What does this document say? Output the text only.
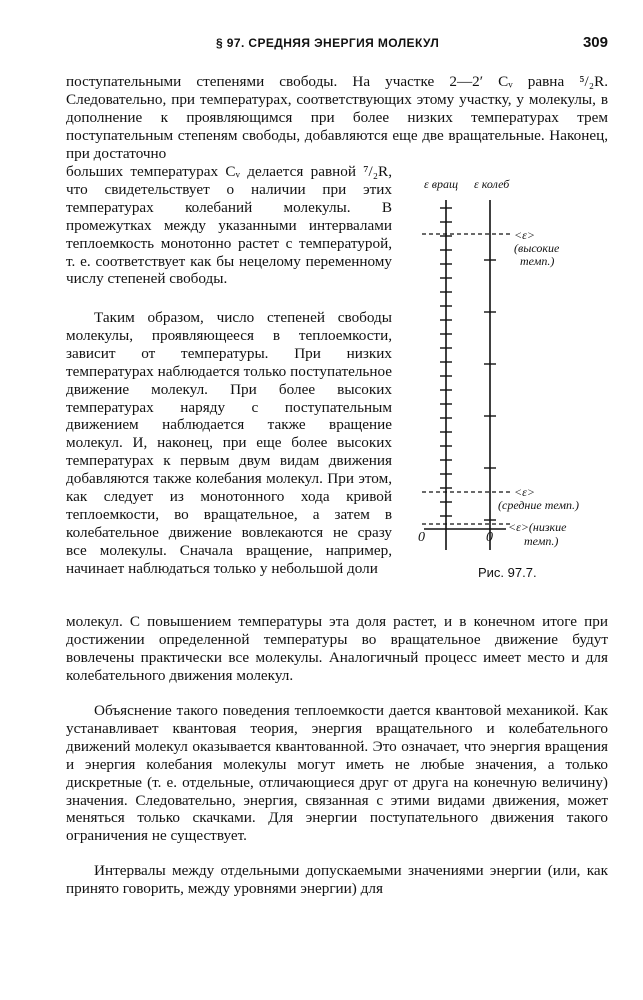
§ 97. СРЕДНЯЯ ЭНЕРГИЯ МОЛЕКУЛ	309

поступательными степенями свободы. На участке 2—2′ Cᵥ равна ⁵/₂R. Следовательно, при температурах, соответствующих этому участку, у молекулы, в дополнение к проявляющимся при более низких температурах трем поступательным степеням свободы, добавляются еще две вращательные. Наконец, при достаточно

больших температурах Cᵥ делается равной ⁷/₂R, что свидетельствует о наличии при этих температурах колебаний молекулы. В промежутках между указанными интервалами теплоемкость монотонно растет с температурой, т. е. соответствует как бы нецелому переменному числу степеней свободы.

Таким образом, число степеней свободы молекулы, проявляющееся в теплоемкости, зависит от температуры. При низких температурах наблюдается только поступательное движение молекул. При более высоких температурах наряду с поступательным движением наблюдается также вращение молекул. И, наконец, при еще более высоких температурах к первым двум видам движения добавляются также колебания молекул. При этом, как следует из монотонного хода кривой теплоемкости, во вращательное, а затем в колебательное движение вовлекаются не сразу все молекулы. Сначала вращение, например, начинает наблюдаться только у небольшой доли

молекул. С повышением температуры эта доля растет, и в конечном итоге при достижении определенной температуры во вращательное движение будут вовлечены практически все молекулы. Аналогичный процесс имеет место и для колебательного движения молекул.

Объяснение такого поведения теплоемкости дается квантовой механикой. Как устанавливает квантовая теория, энергия вращательного и колебательного движений молекул оказывается квантованной. Это означает, что энергия вращения и энергия колебания молекулы могут иметь не любые значения, а только дискретные (т. е. отдельные, отличающиеся друг от друга на конечную величину) значения. Следовательно, энергия, связанная с этими видами движения, может меняться только скачками. Для энергии поступательного движения такого ограничения не существует.

Интервалы между отдельными допускаемыми значениями энергии (или, как принято говорить, между уровнями энергии) для

ε вращ ε колеб
0	0
<ε>
(высокие
темп.)
<ε>
(средние темп.)
<ε>(низкие
темп.)
Рис. 97.7.
